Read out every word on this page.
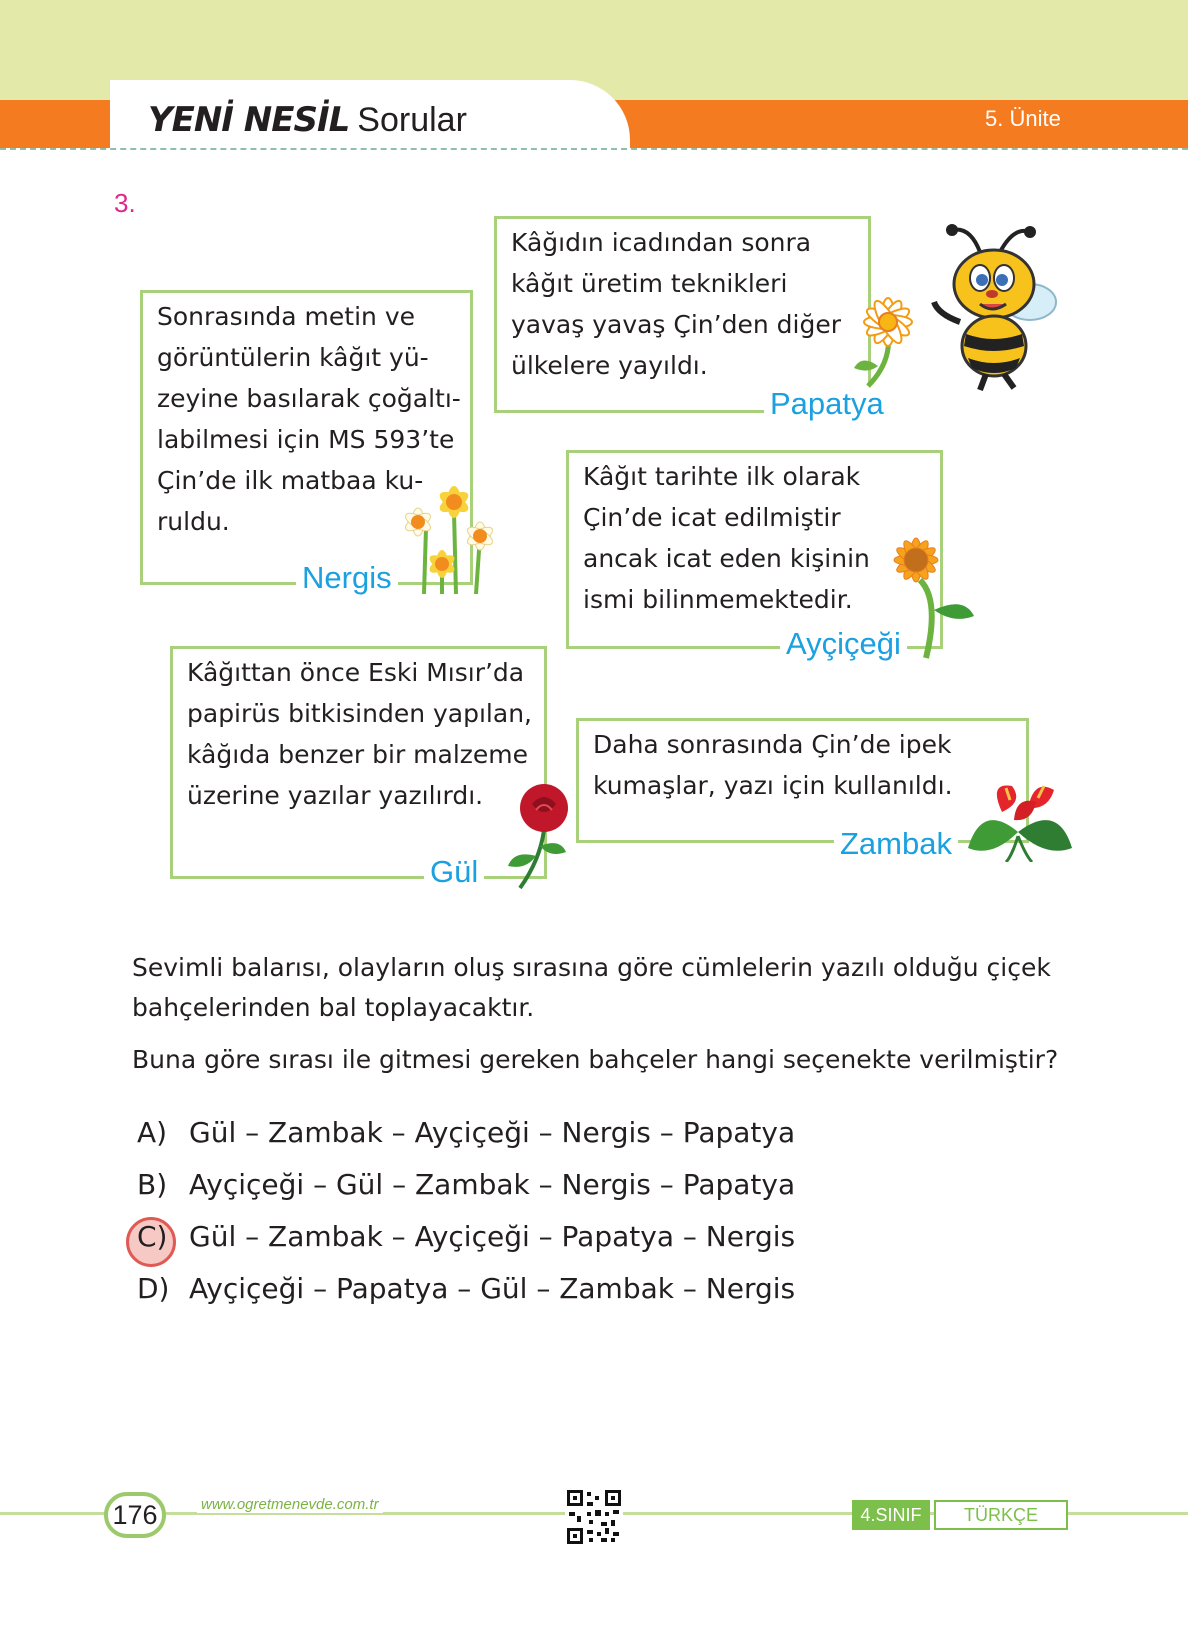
YENİ NESİL Sorular	5. Ünite
3.
Kâğıdın icadından sonra
kâğıt üretim teknikleri
yavaş yavaş Çin’den diğer
ülkelere yayıldı.
Papatya
Sonrasında metin ve
görüntülerin kâğıt yü-
zeyine basılarak çoğaltı-
labilmesi için MS 593’te
Çin’de ilk matbaa ku-
ruldu.
Nergis
Kâğıt tarihte ilk olarak
Çin’de icat edilmiştir
ancak icat eden kişinin
ismi bilinmemektedir.
Ayçiçeği
Kâğıttan önce Eski Mısır’da
papirüs bitkisinden yapılan,
kâğıda benzer bir malzeme
üzerine yazılar yazılırdı.
Gül
Daha sonrasında Çin’de ipek
kumaşlar, yazı için kullanıldı.
Zambak
Sevimli balarısı, olayların oluş sırasına göre cümlelerin yazılı olduğu çiçek bahçelerinden bal toplayacaktır.
Buna göre sırası ile gitmesi gereken bahçeler hangi seçenekte verilmiştir?
A) Gül – Zambak – Ayçiçeği – Nergis – Papatya
B) Ayçiçeği – Gül – Zambak – Nergis – Papatya
C) Gül – Zambak – Ayçiçeği – Papatya – Nergis
D) Ayçiçeği – Papatya – Gül – Zambak – Nergis
176	www.ogretmenevde.com.tr
4.SINIF	TÜRKÇE
